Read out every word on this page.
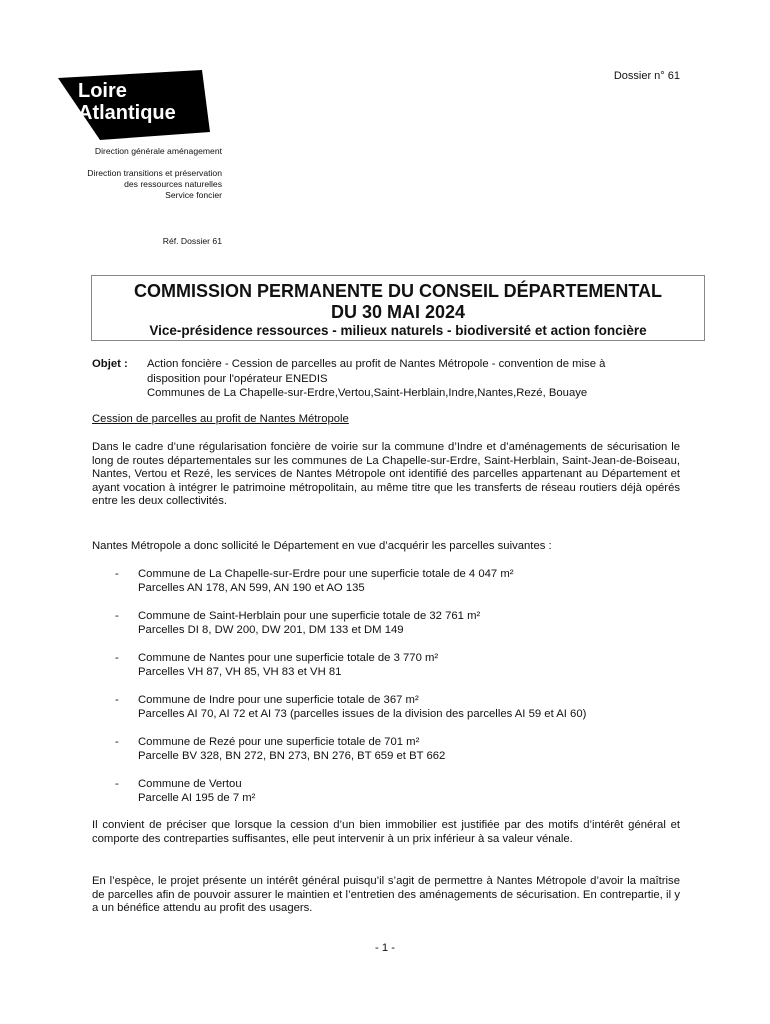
Loire
Atlantique
Dossier n° 61
Direction générale aménagement
Direction transitions et préservation
des ressources naturelles
Service foncier
Réf. Dossier 61
COMMISSION PERMANENTE DU CONSEIL DÉPARTEMENTAL
DU 30 MAI 2024
Vice-présidence ressources - milieux naturels - biodiversité et action foncière
Objet : Action foncière - Cession de parcelles au profit de Nantes Métropole - convention de mise à
disposition pour l'opérateur ENEDIS
Communes de La Chapelle-sur-Erdre,Vertou,Saint-Herblain,Indre,Nantes,Rezé, Bouaye
Cession de parcelles au profit de Nantes Métropole
Dans le cadre d’une régularisation foncière de voirie sur la commune d’Indre et d’aménagements de sécurisation le long de routes départementales sur les communes de La Chapelle-sur-Erdre, Saint-Herblain, Saint-Jean-de-Boiseau, Nantes, Vertou et Rezé, les services de Nantes Métropole ont identifié des parcelles appartenant au Département et ayant vocation à intégrer le patrimoine métropolitain, au même titre que les transferts de réseau routiers déjà opérés entre les deux collectivités.
Nantes Métropole a donc sollicité le Département en vue d’acquérir les parcelles suivantes :
- Commune de La Chapelle-sur-Erdre pour une superficie totale de 4 047 m²
Parcelles AN 178, AN 599, AN 190 et AO 135
- Commune de Saint-Herblain pour une superficie totale de 32 761 m²
Parcelles DI 8, DW 200, DW 201, DM 133 et DM 149
- Commune de Nantes pour une superficie totale de 3 770 m²
Parcelles VH 87, VH 85, VH 83 et VH 81
- Commune de Indre pour une superficie totale de 367 m²
Parcelles AI 70, AI 72 et AI 73 (parcelles issues de la division des parcelles AI 59 et AI 60)
- Commune de Rezé pour une superficie totale de 701 m²
Parcelle BV 328, BN 272, BN 273, BN 276, BT 659 et BT 662
- Commune de Vertou
Parcelle AI 195 de 7 m²
Il convient de préciser que lorsque la cession d’un bien immobilier est justifiée par des motifs d’intérêt général et comporte des contreparties suffisantes, elle peut intervenir à un prix inférieur à sa valeur vénale.
En l’espèce, le projet présente un intérêt général puisqu’il s’agit de permettre à Nantes Métropole d’avoir la maîtrise de parcelles afin de pouvoir assurer le maintien et l’entretien des aménagements de sécurisation. En contrepartie, il y a un bénéfice attendu au profit des usagers.
- 1 -
